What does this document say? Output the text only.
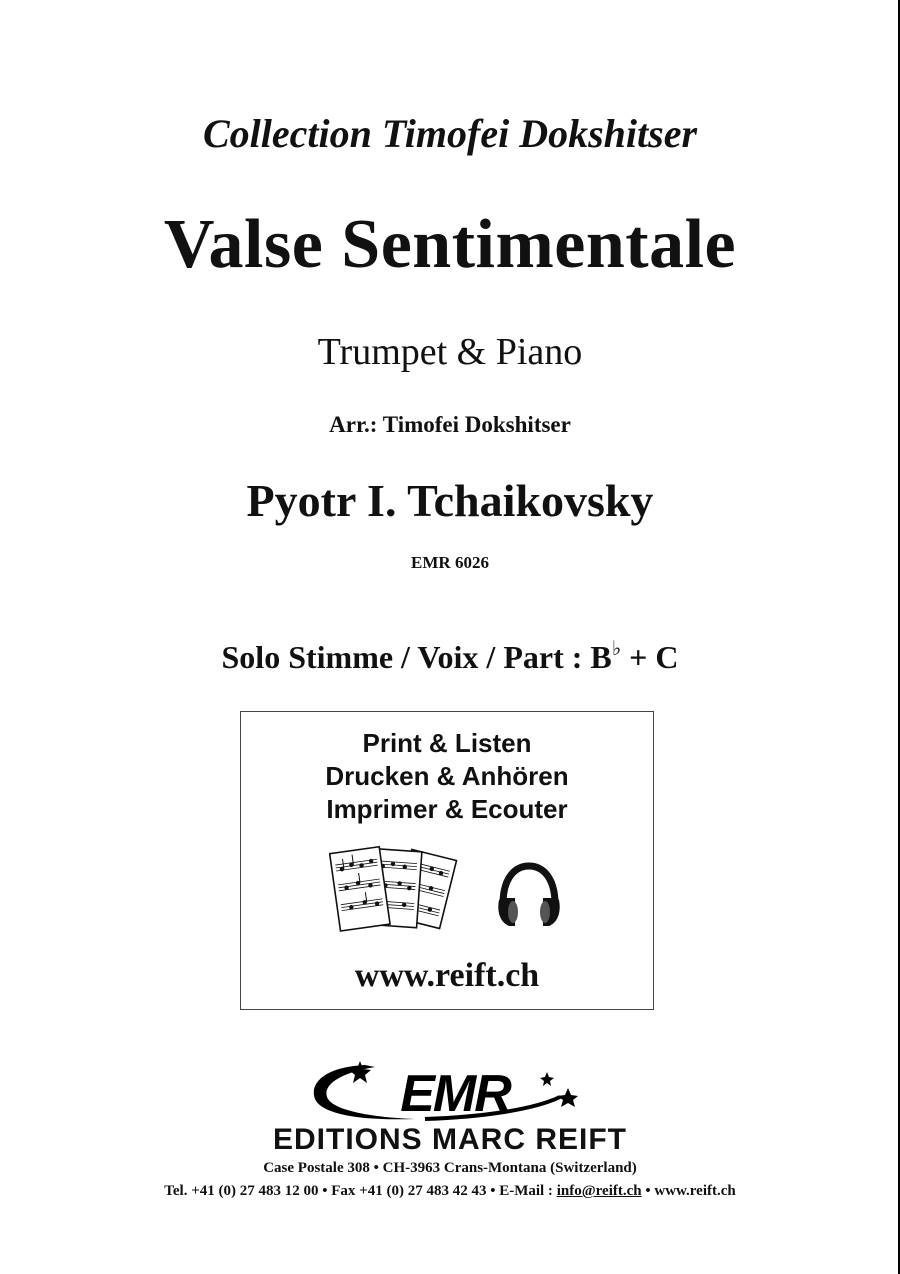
Collection Timofei Dokshitser
Valse Sentimentale
Trumpet & Piano
Arr.: Timofei Dokshitser
Pyotr I. Tchaikovsky
EMR 6026
Solo Stimme / Voix / Part : B♭ + C
Print & Listen
Drucken & Anhören
Imprimer & Ecouter
www.reift.ch
EMR
EDITIONS MARC REIFT
Case Postale 308 • CH-3963 Crans-Montana (Switzerland)
Tel. +41 (0) 27 483 12 00 • Fax +41 (0) 27 483 42 43 • E-Mail : info@reift.ch • www.reift.ch
